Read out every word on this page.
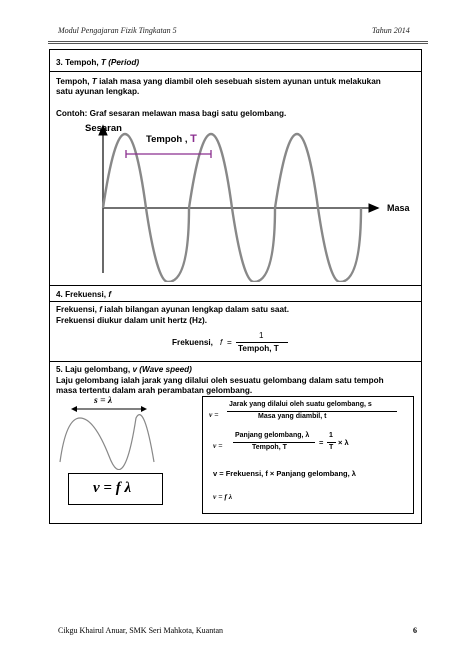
Modul Pengajaran Fizik Tingkatan 5	Tahun 2014
3. Tempoh, T (Period)
Tempoh, T ialah masa yang diambil oleh sesebuah sistem ayunan untuk melakukan
satu ayunan lengkap.
Contoh: Graf sesaran melawan masa bagi satu gelombang.
Sesaran
Masa
Tempoh , T
4. Frekuensi, f
Frekuensi, f ialah bilangan ayunan lengkap dalam satu saat.
Frekuensi diukur dalam unit hertz (Hz).
Frekuensi, f =
1
Tempoh, T
5. Laju gelombang, v (Wave speed)
Laju gelombang ialah jarak yang dilalui oleh sesuatu gelombang dalam satu tempoh
masa tertentu dalam arah perambatan gelombang.
s = λ
v = f λ
v =
Jarak yang dilalui oleh suatu gelombang, s
Masa yang diambil, t
v =
Panjang gelombang, λ
Tempoh, T
=
1
T
× λ
v = Frekuensi, f × Panjang gelombang, λ
v = f λ
Cikgu Khairul Anuar, SMK Seri Mahkota, Kuantan	6
